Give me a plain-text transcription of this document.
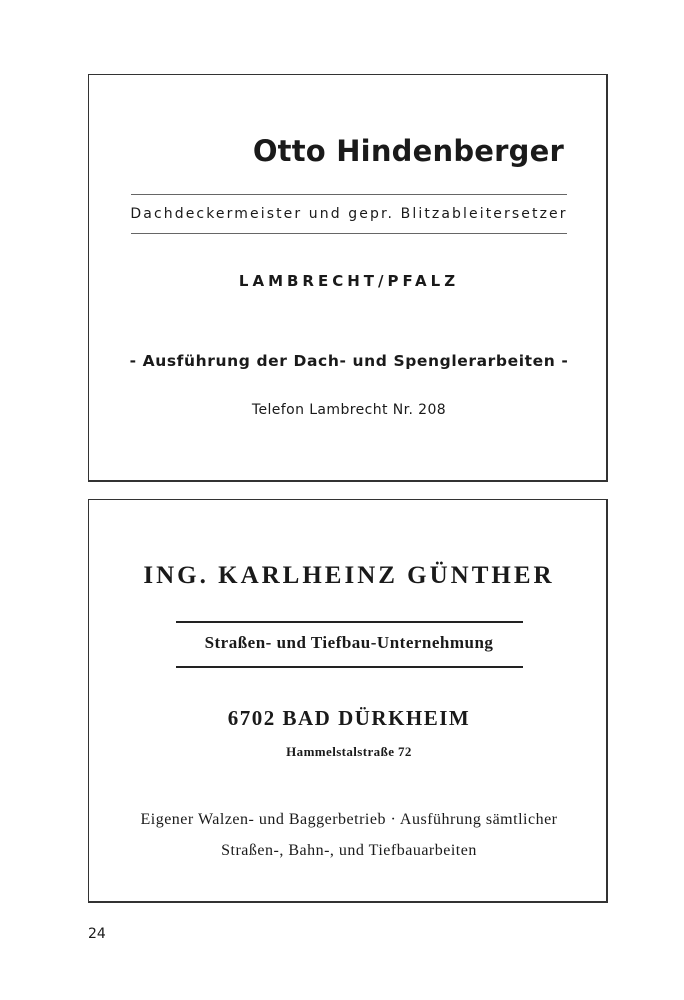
Otto Hindenberger
Dachdeckermeister und gepr. Blitzableitersetzer
LAMBRECHT/PFALZ
- Ausführung der Dach- und Spenglerarbeiten -
Telefon Lambrecht Nr. 208
ING. KARLHEINZ GÜNTHER
Straßen- und Tiefbau-Unternehmung
6702 BAD DÜRKHEIM
Hammelstalstraße 72
Eigener Walzen- und Baggerbetrieb · Ausführung sämtlicher
Straßen-, Bahn-, und Tiefbauarbeiten
24
